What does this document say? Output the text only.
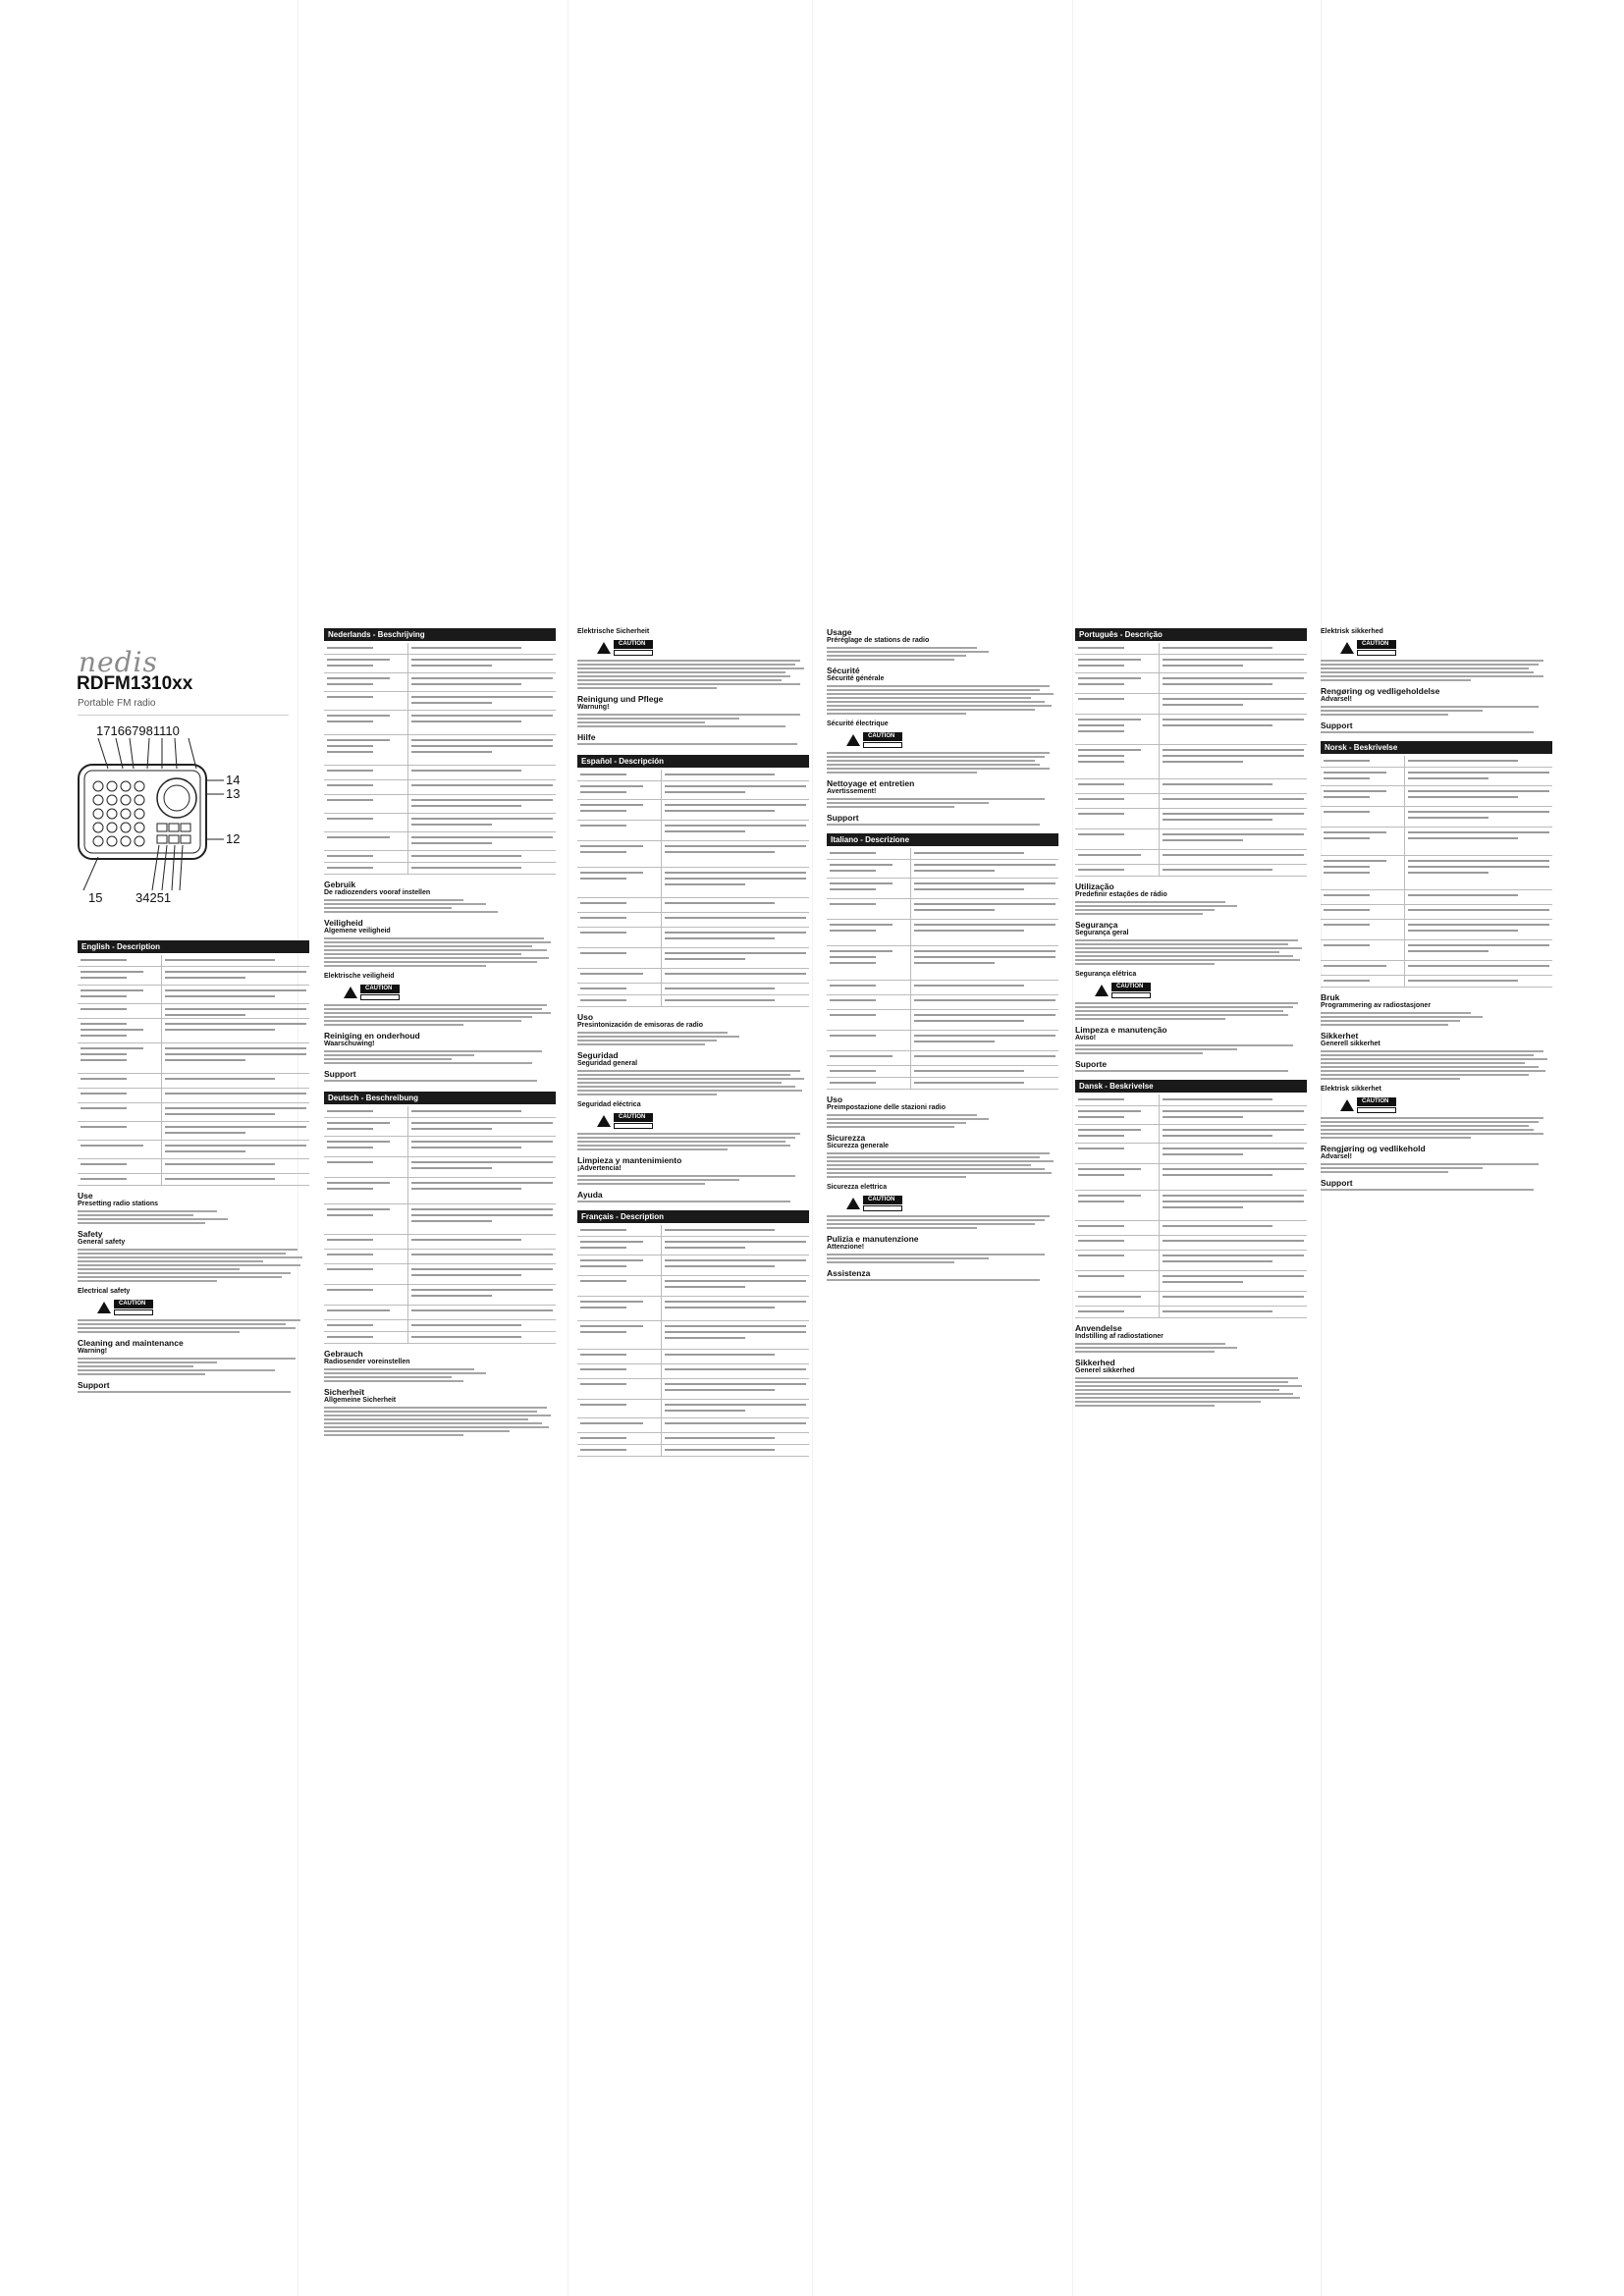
nedis
RDFM1310xx
Portable FM radio
171667981110
14
13
12
15	34251
English - Description
Use
Presetting radio stations
Safety
General safety
Electrical safety
CAUTION
Cleaning and maintenance
Warning!
Support
Nederlands - Beschrijving
Gebruik
De radiozenders vooraf instellen
Veiligheid
Algemene veiligheid
Elektrische veiligheid
CAUTION
Reiniging en onderhoud
Waarschuwing!
Support
Deutsch - Beschreibung
Gebrauch
Radiosender voreinstellen
Sicherheit
Allgemeine Sicherheit
Elektrische Sicherheit
CAUTION
Reinigung und Pflege
Warnung!
Hilfe
Español - Descripción
Uso
Presintonización de emisoras de radio
Seguridad
Seguridad general
Seguridad eléctrica
CAUTION
Limpieza y mantenimiento
¡Advertencia!
Ayuda
Français - Description
Usage
Préréglage de stations de radio
Sécurité
Sécurité générale
Sécurité électrique
CAUTION
Nettoyage et entretien
Avertissement!
Support
Italiano - Descrizione
Uso
Preimpostazione delle stazioni radio
Sicurezza
Sicurezza generale
Sicurezza elettrica
CAUTION
Pulizia e manutenzione
Attenzione!
Assistenza
Português - Descrição
Utilização
Predefinir estações de rádio
Segurança
Segurança geral
Segurança elétrica
CAUTION
Limpeza e manutenção
Aviso!
Suporte
Dansk - Beskrivelse
Anvendelse
Indstilling af radiostationer
Sikkerhed
Generel sikkerhed
Elektrisk sikkerhed
CAUTION
Rengøring og vedligeholdelse
Advarsel!
Support
Norsk - Beskrivelse
Bruk
Programmering av radiostasjoner
Sikkerhet
Generell sikkerhet
Elektrisk sikkerhet
CAUTION
Rengjøring og vedlikehold
Advarsel!
Support
